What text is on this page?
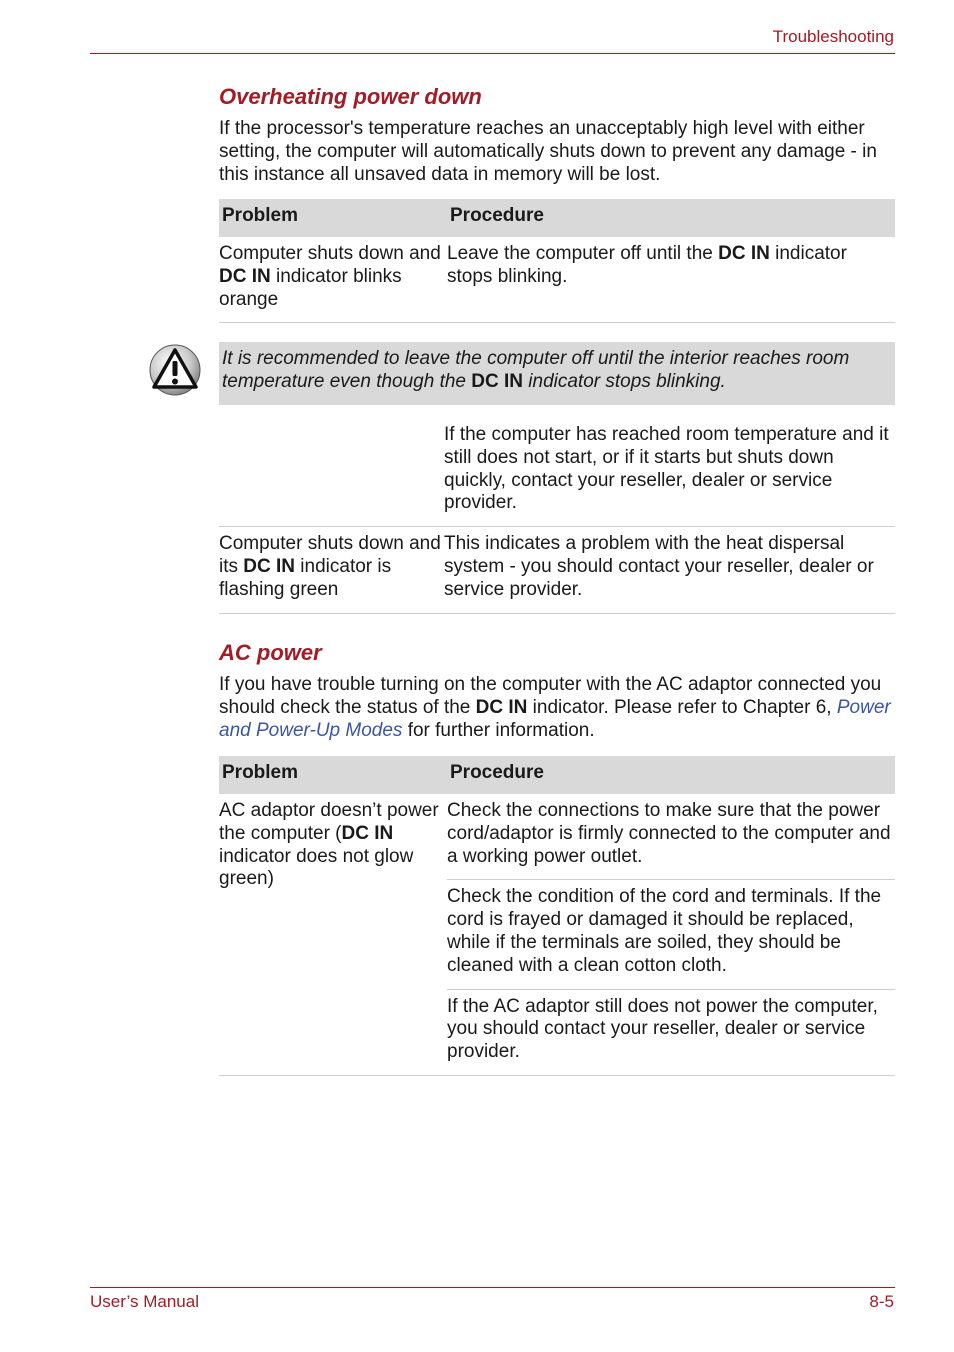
Troubleshooting
Overheating power down

If the processor's temperature reaches an unacceptably high level with either setting, the computer will automatically shuts down to prevent any damage - in this instance all unsaved data in memory will be lost.

Problem	Procedure
Computer shuts down and DC IN indicator blinks orange	Leave the computer off until the DC IN indicator stops blinking.
It is recommended to leave the computer off until the interior reaches room temperature even though the DC IN indicator stops blinking.
	If the computer has reached room temperature and it still does not start, or if it starts but shuts down quickly, contact your reseller, dealer or service provider.
Computer shuts down and its DC IN indicator is flashing green	This indicates a problem with the heat dispersal system - you should contact your reseller, dealer or service provider.
AC power

If you have trouble turning on the computer with the AC adaptor connected you should check the status of the DC IN indicator. Please refer to Chapter 6, Power and Power-Up Modes for further information.

Problem	Procedure
AC adaptor doesn’t power the computer (DC IN indicator does not glow green)	Check the connections to make sure that the power cord/adaptor is firmly connected to the computer and a working power outlet.
	Check the condition of the cord and terminals. If the cord is frayed or damaged it should be replaced, while if the terminals are soiled, they should be cleaned with a clean cotton cloth.
	If the AC adaptor still does not power the computer, you should contact your reseller, dealer or service provider.
User’s Manual	8-5
